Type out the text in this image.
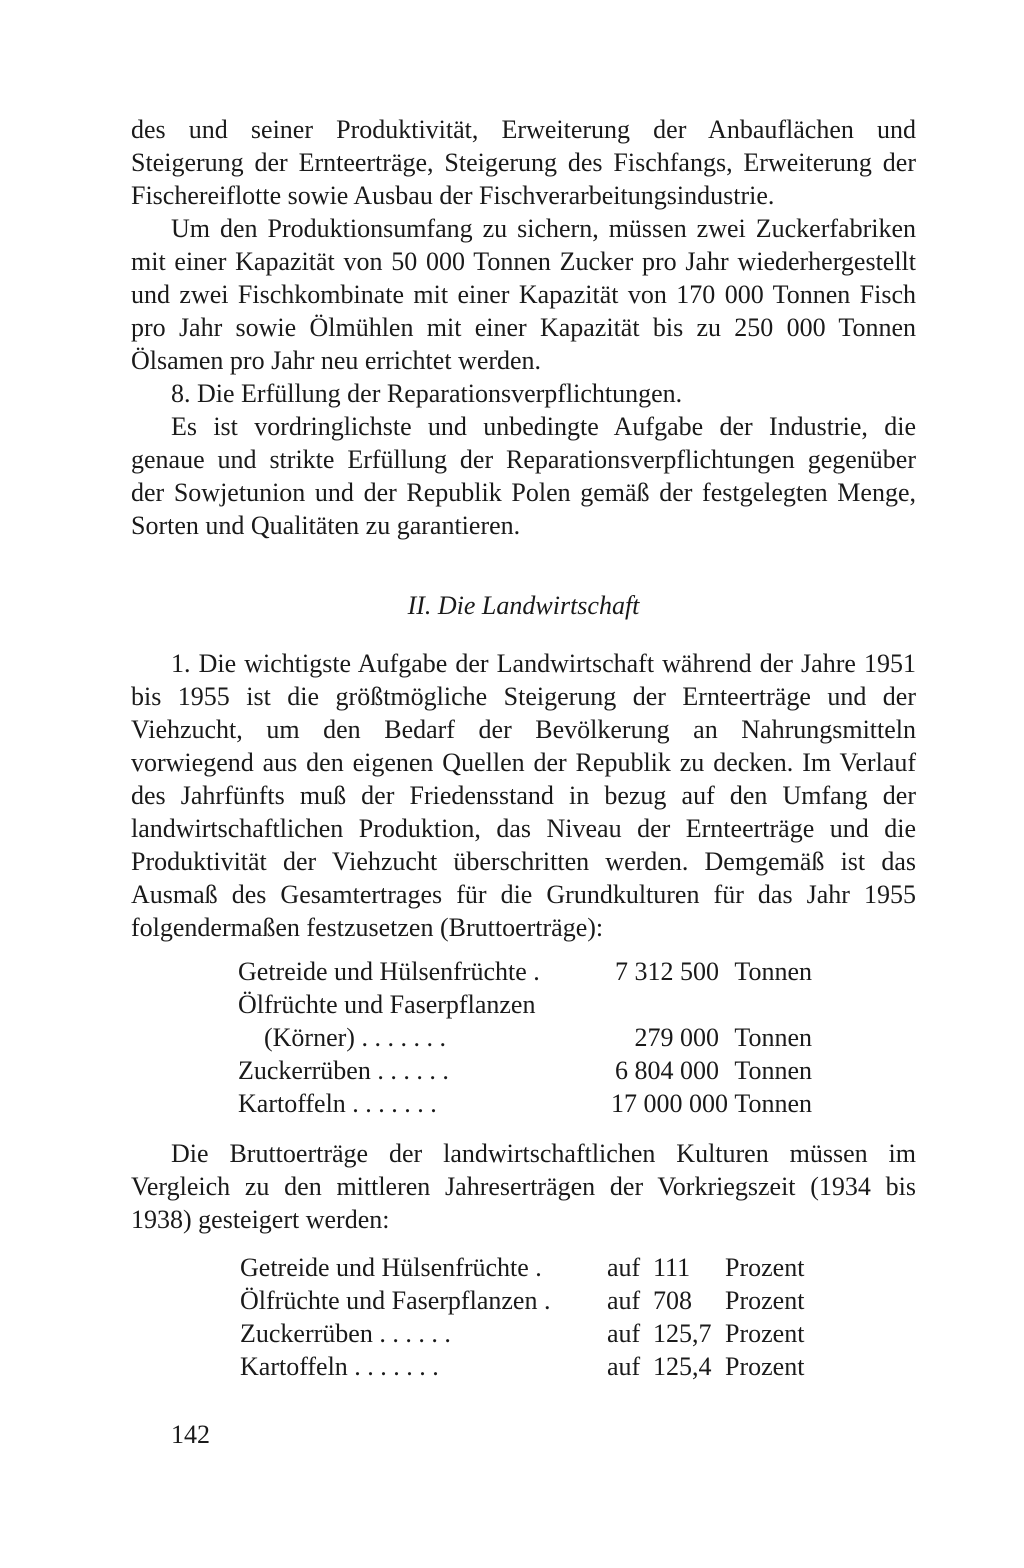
des und seiner Produktivität, Erweiterung der Anbauflächen und Steigerung der Ernteerträge, Steigerung des Fischfangs, Erweiterung der Fischereiflotte sowie Ausbau der Fischverarbeitungsindustrie.

Um den Produktionsumfang zu sichern, müssen zwei Zuckerfabriken mit einer Kapazität von 50 000 Tonnen Zucker pro Jahr wiederhergestellt und zwei Fischkombinate mit einer Kapazität von 170 000 Tonnen Fisch pro Jahr sowie Ölmühlen mit einer Kapazität bis zu 250 000 Tonnen Ölsamen pro Jahr neu errichtet werden.

8. Die Erfüllung der Reparationsverpflichtungen.

Es ist vordringlichste und unbedingte Aufgabe der Industrie, die genaue und strikte Erfüllung der Reparationsverpflichtungen gegenüber der Sowjetunion und der Republik Polen gemäß der festgelegten Menge, Sorten und Qualitäten zu garantieren.

II. Die Landwirtschaft

1. Die wichtigste Aufgabe der Landwirtschaft während der Jahre 1951 bis 1955 ist die größtmögliche Steigerung der Ernteerträge und der Viehzucht, um den Bedarf der Bevölkerung an Nahrungsmitteln vorwiegend aus den eigenen Quellen der Republik zu decken. Im Verlauf des Jahrfünfts muß der Friedensstand in bezug auf den Umfang der landwirtschaftlichen Produktion, das Niveau der Ernteerträge und die Produktivität der Viehzucht überschritten werden. Demgemäß ist das Ausmaß des Gesamtertrages für die Grundkulturen für das Jahr 1955 folgendermaßen festzusetzen (Bruttoerträge):

Getreide und Hülsenfrüchte .	7 312 500 Tonnen
Ölfrüchte und Faserpflanzen
(Körner) . . . . . . .	279 000 Tonnen
Zuckerrüben . . . . . .	6 804 000 Tonnen
Kartoffeln . . . . . . .	17 000 000 Tonnen

Die Bruttoerträge der landwirtschaftlichen Kulturen müssen im Vergleich zu den mittleren Jahreserträgen der Vorkriegszeit (1934 bis 1938) gesteigert werden:

Getreide und Hülsenfrüchte .	auf 111	Prozent
Ölfrüchte und Faserpflanzen .	auf 708	Prozent
Zuckerrüben . . . . . .	auf 125,7 Prozent
Kartoffeln . . . . . . .	auf 125,4 Prozent

142
